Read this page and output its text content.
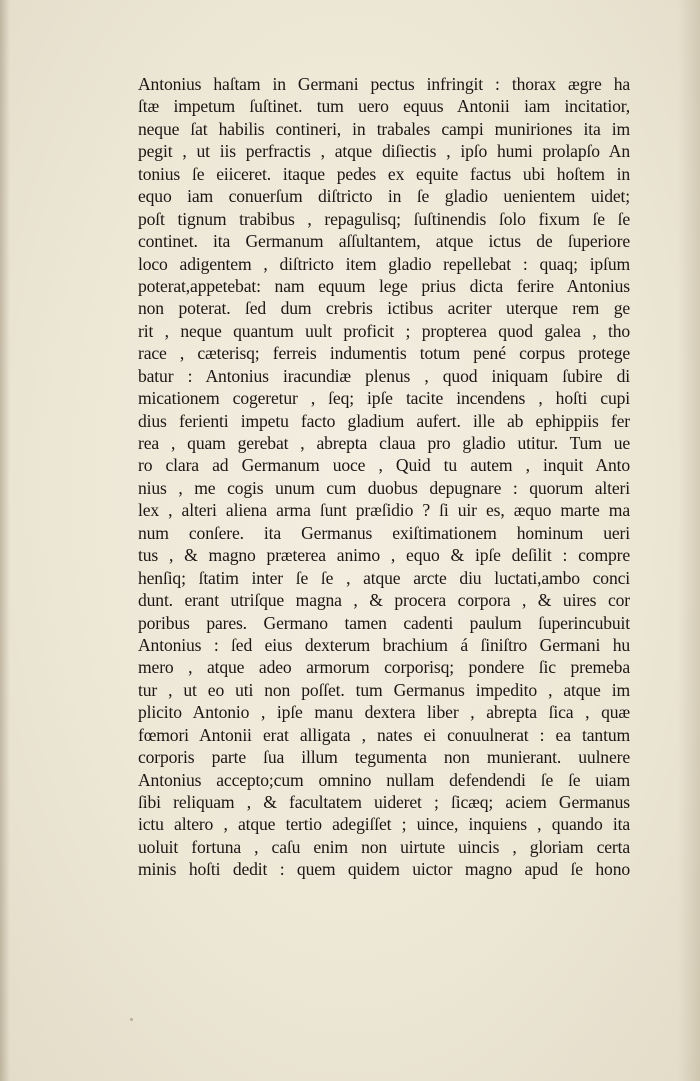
Antonius haſtam in Germani pectus infringit : thorax ægre ha
ſtæ impetum ſuſtinet. tum uero equus Antonii iam incitatior,
neque ſat habilis contineri, in trabales campi muniriones ita im
pegit , ut iis perfractis , atque diſiectis , ipſo humi prolapſo An
tonius ſe eiiceret. itaque pedes ex equite factus ubi hoſtem in
equo iam conuerſum diſtricto in ſe gladio uenientem uidet;
poſt tignum trabibus , repagulisq; ſuſtinendis ſolo fixum ſe ſe
continet. ita Germanum aſſultantem, atque ictus de ſuperiore
loco adigentem , diſtricto item gladio repellebat : quaq; ipſum
poterat,appetebat: nam equum lege prius dicta ferire Antonius
non poterat. ſed dum crebris ictibus acriter uterque rem ge
rit , neque quantum uult proficit ; propterea quod galea , tho
race , cæterisq; ferreis indumentis totum pené corpus protege
batur : Antonius iracundiæ plenus , quod iniquam ſubire di
micationem cogeretur , ſeq; ipſe tacite incendens , hoſti cupi
dius ferienti impetu facto gladium aufert. ille ab ephippiis fer
rea , quam gerebat , abrepta claua pro gladio utitur. Tum ue
ro clara ad Germanum uoce , Quid tu autem , inquit Anto
nius , me cogis unum cum duobus depugnare : quorum alteri
lex , alteri aliena arma ſunt præſidio ? ſi uir es, æquo marte ma
num conſere. ita Germanus exiſtimationem hominum ueri
tus , & magno præterea animo , equo & ipſe deſilit : compre
henſiq; ſtatim inter ſe ſe , atque arcte diu luctati,ambo conci
dunt. erant utriſque magna , & procera corpora , & uires cor
poribus pares. Germano tamen cadenti paulum ſuperincubuit
Antonius : ſed eius dexterum brachium á ſiniſtro Germani hu
mero , atque adeo armorum corporisq; pondere ſic premeba
tur , ut eo uti non poſſet. tum Germanus impedito , atque im
plicito Antonio , ipſe manu dextera liber , abrepta ſica , quæ
fœmori Antonii erat alligata , nates ei conuulnerat : ea tantum
corporis parte ſua illum tegumenta non munierant. uulnere
Antonius accepto;cum omnino nullam defendendi ſe ſe uiam
ſibi reliquam , & facultatem uideret ; ſicæq; aciem Germanus
ictu altero , atque tertio adegiſſet ; uince, inquiens , quando ita
uoluit fortuna , caſu enim non uirtute uincis , gloriam certa
minis hoſti dedit : quem quidem uictor magno apud ſe hono
